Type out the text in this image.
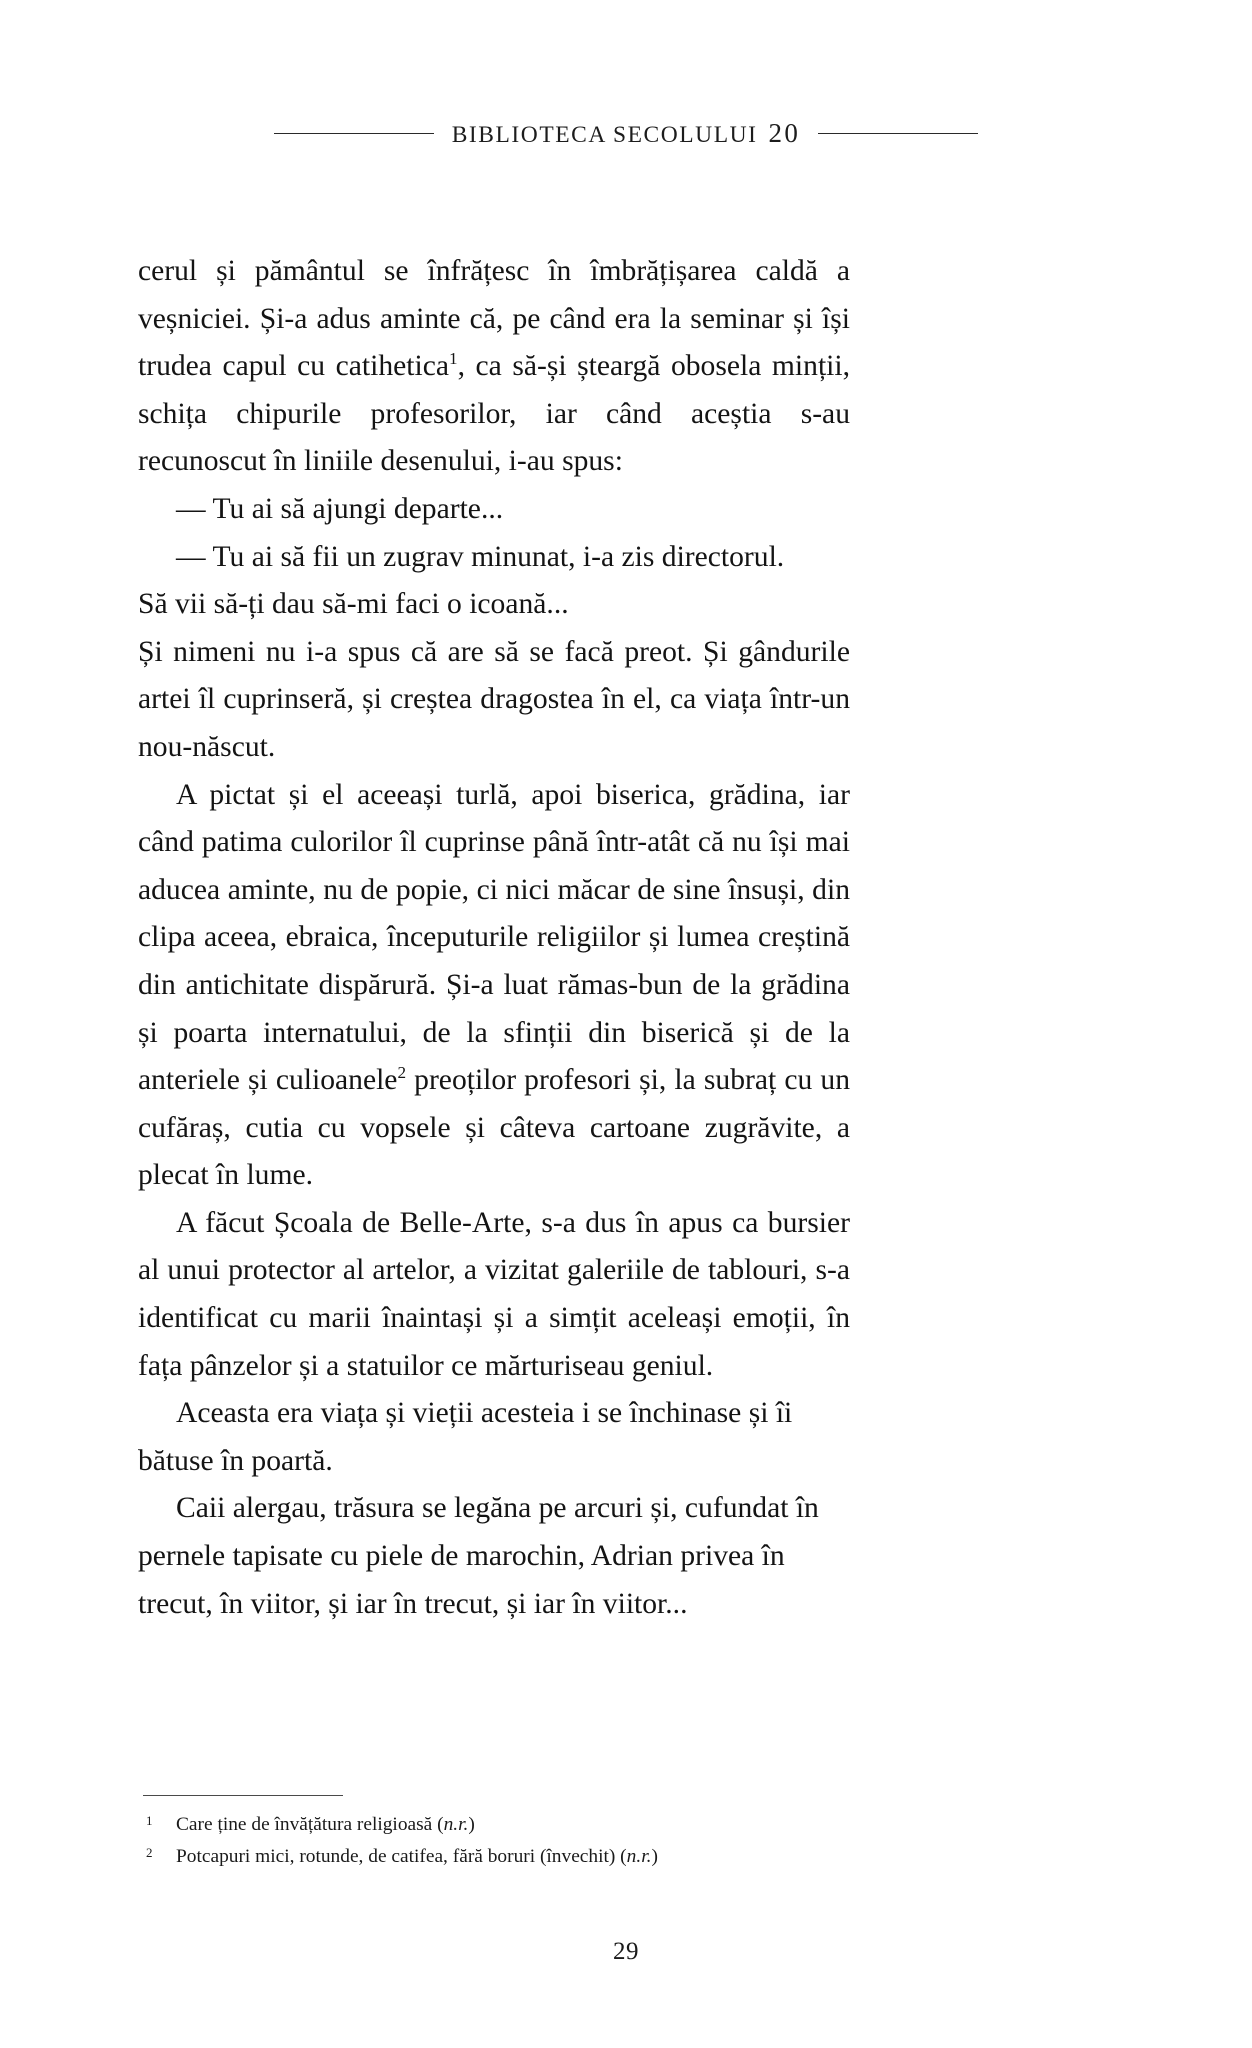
BIBLIOTECA SECOLULUI 20

cerul și pământul se înfrățesc în îmbrățișarea caldă a veșniciei. Și-a adus aminte că, pe când era la seminar și își trudea capul cu catihetica$^1$, ca să-și șteargă obosela minții, schița chipurile profesorilor, iar când aceștia s-au recunoscut în liniile desenului, i-au spus:

— Tu ai să ajungi departe...

— Tu ai să fii un zugrav minunat, i-a zis directorul.

Să vii să-ți dau să-mi faci o icoană...

Și nimeni nu i-a spus că are să se facă preot. Și gândurile artei îl cuprinseră, și creștea dragostea în el, ca viața într-un nou-născut.

A pictat și el aceeași turlă, apoi biserica, grădina, iar când patima culorilor îl cuprinse până într-atât că nu își mai aducea aminte, nu de popie, ci nici măcar de sine însuși, din clipa aceea, ebraica, începuturile religiilor și lumea creștină din antichitate dispărură. Și-a luat rămas-bun de la grădina și poarta internatului, de la sfinții din biserică și de la anteriele și culioanele$^2$ preoților profesori și, la subraț cu un cufăraș, cutia cu vopsele și câteva cartoane zugrăvite, a plecat în lume.

A făcut Școala de Belle-Arte, s-a dus în apus ca bursier al unui protector al artelor, a vizitat galeriile de tablouri, s-a identificat cu marii înaintași și a simțit aceleași emoții, în fața pânzelor și a statuilor ce mărturiseau geniul.

Aceasta era viața și vieții acesteia i se închinase și îi bătuse în poartă.

Caii alergau, trăsura se legăna pe arcuri și, cufundat în pernele tapisate cu piele de marochin, Adrian privea în trecut, în viitor, și iar în trecut, și iar în viitor...

1	Care ține de învățătura religioasă (n.r.)
2	Potcapuri mici, rotunde, de catifea, fără boruri (învechit) (n.r.)
29
